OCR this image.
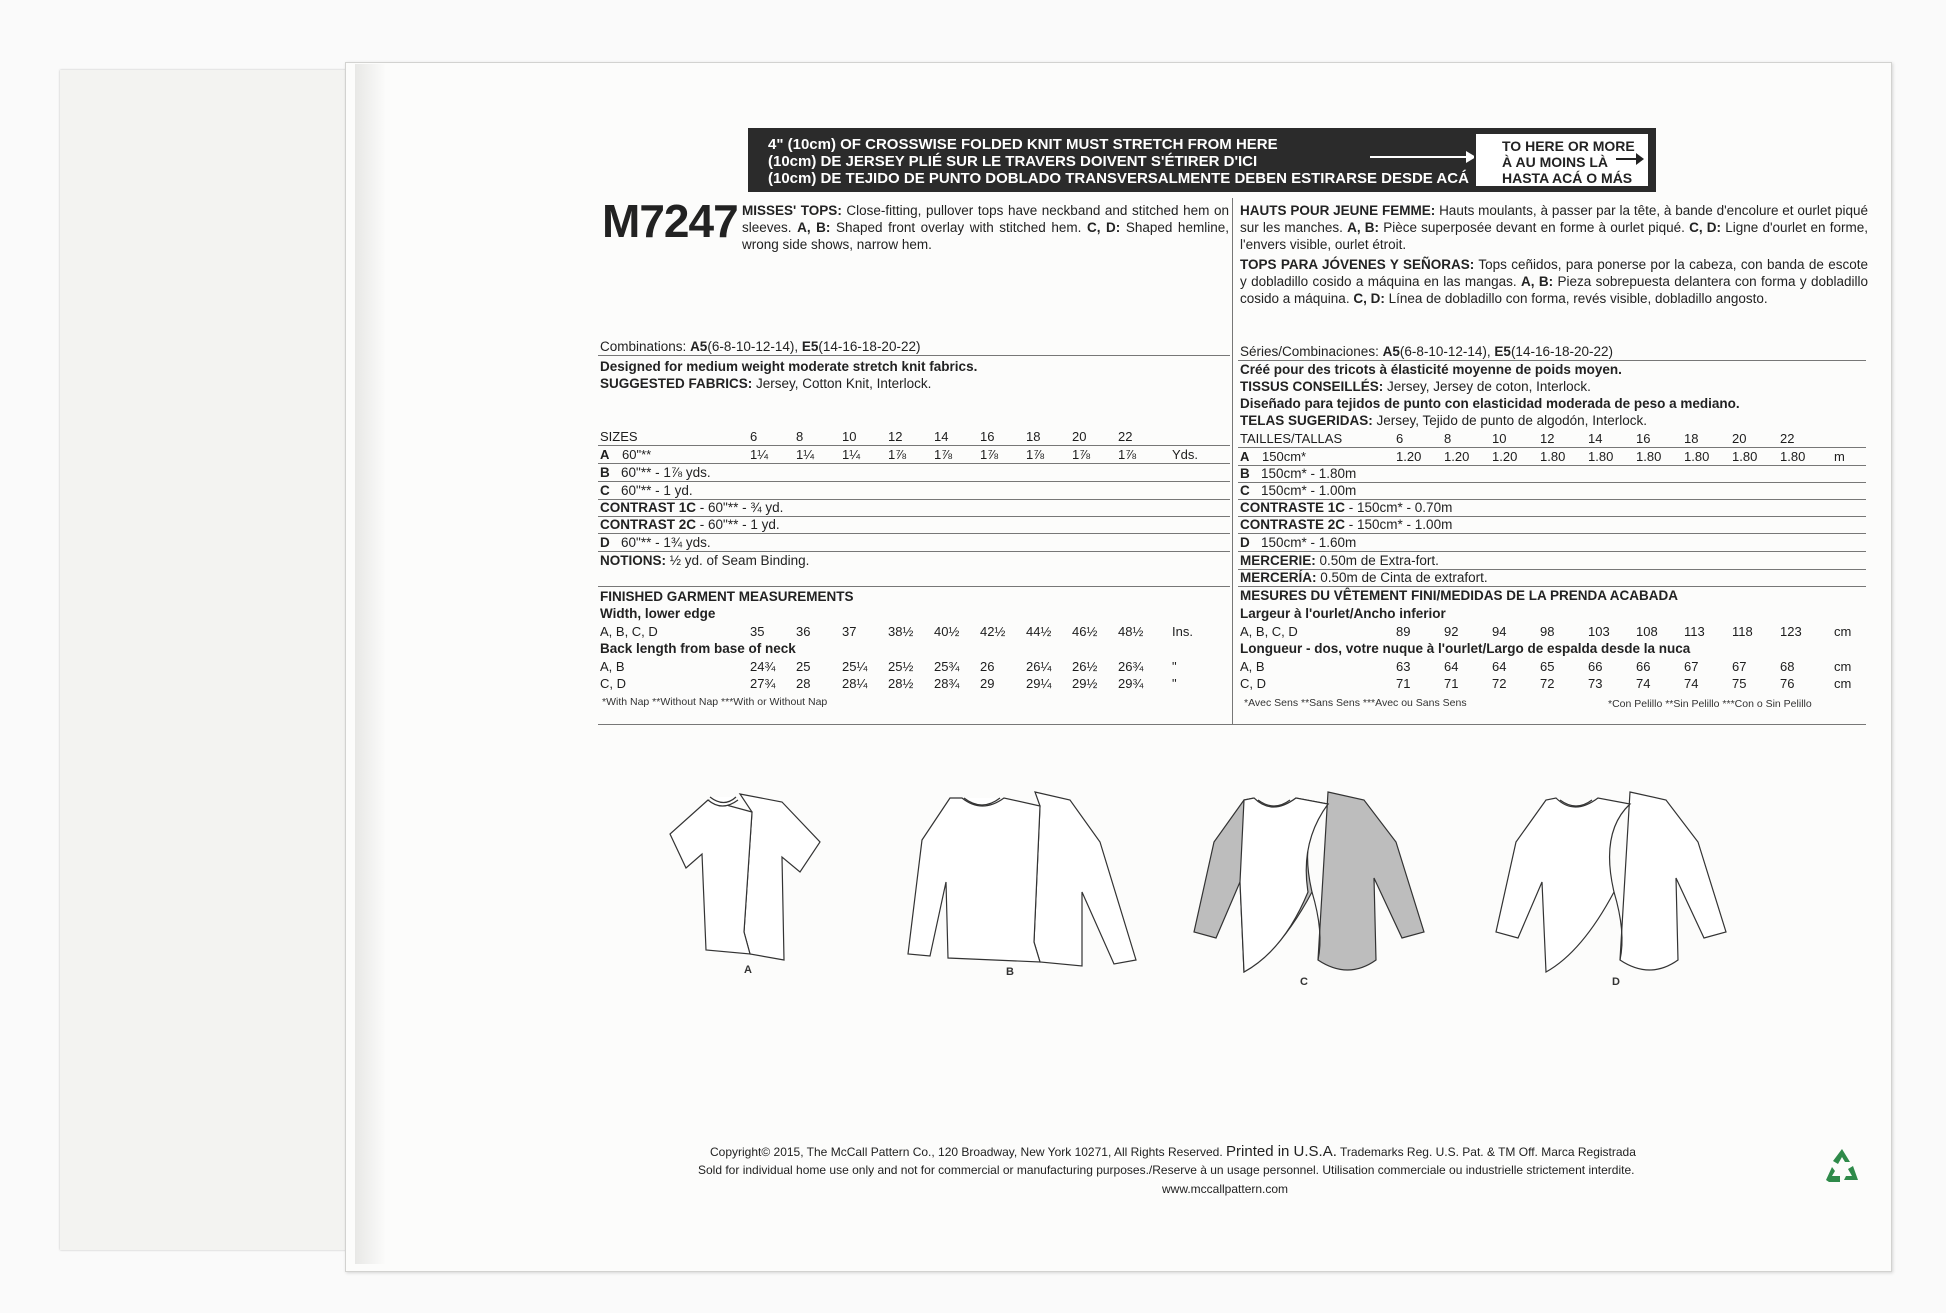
4" (10cm) OF CROSSWISE FOLDED KNIT MUST STRETCH FROM HERE
(10cm) DE JERSEY PLIÉ SUR LE TRAVERS DOIVENT S'ÉTIRER D'ICI
(10cm) DE TEJIDO DE PUNTO DOBLADO TRANSVERSALMENTE DEBEN ESTIRARSE DESDE ACÁ
TO HERE OR MORE
À AU MOINS LÀ
HASTA ACÁ O MÁS
M7247 MISSES' TOPS: Close-fitting, pullover tops have neckband and stitched hem on sleeves. A, B: Shaped front overlay with stitched hem. C, D: Shaped hemline, wrong side shows, narrow hem.
HAUTS POUR JEUNE FEMME: Hauts moulants, à passer par la tête, à bande d'encolure et ourlet piqué sur les manches. A, B: Pièce superposée devant en forme à ourlet piqué. C, D: Ligne d'ourlet en forme, l'envers visible, ourlet étroit.
TOPS PARA JÓVENES Y SEÑORAS: Tops ceñidos, para ponerse por la cabeza, con banda de escote y dobladillo cosido a máquina en las mangas. A, B: Pieza sobrepuesta delantera con forma y dobladillo cosido a máquina. C, D: Línea de dobladillo con forma, revés visible, dobladillo angosto.
Combinations: A5(6-8-10-12-14), E5(14-16-18-20-22)
Designed for medium weight moderate stretch knit fabrics.
SUGGESTED FABRICS: Jersey, Cotton Knit, Interlock.
Séries/Combinaciones: A5(6-8-10-12-14), E5(14-16-18-20-22)
Créé pour des tricots à élasticité moyenne de poids moyen.
TISSUS CONSEILLÉS: Jersey, Jersey de coton, Interlock.
Diseñado para tejidos de punto con elasticidad moderada de peso a mediano.
TELAS SUGERIDAS: Jersey, Tejido de punto de algodón, Interlock.
SIZES	6	8	10 12 14 16 18 20 22
A 60"**	1¼ 1¼ 1¼ 1⅞ 1⅞ 1⅞ 1⅞ 1⅞ 1⅞	Yds.
B 60"** - 1⅞ yds.
C 60"** - 1 yd.
CONTRAST 1C - 60"** - ¾ yd.
CONTRAST 2C - 60"** - 1 yd.
D 60"** - 1¾ yds.
NOTIONS: ½ yd. of Seam Binding.
FINISHED GARMENT MEASUREMENTS
Width, lower edge
A, B, C, D	35 36 37 38½ 40½ 42½ 44½ 46½ 48½ Ins.
Back length from base of neck
A, B	24¾ 25 25¼ 25½ 25¾ 26 26¼ 26½ 26¾ "
C, D	27¾ 28 28¼ 28½ 28¾ 29 29¼ 29½ 29¾ "
*With Nap **Without Nap ***With or Without Nap
TAILLES/TALLAS	6	8	10	12	14	16	18	20	22
A 150cm*	1.20 1.20 1.20 1.80 1.80 1.80 1.80 1.80 1.80 m
B 150cm* - 1.80m
C 150cm* - 1.00m
CONTRASTE 1C - 150cm* - 0.70m
CONTRASTE 2C - 150cm* - 1.00m
D 150cm* - 1.60m
MERCERIE: 0.50m de Extra-fort.
MERCERÍA: 0.50m de Cinta de extrafort.
MESURES DU VÊTEMENT FINI/MEDIDAS DE LA PRENDA ACABADA
Largeur à l'ourlet/Ancho inferior
A, B, C, D	89	92	94	98	103 108 113 118 123 cm
Longueur - dos, votre nuque à l'ourlet/Largo de espalda desde la nuca
A, B	63	64	64	65	66	66	67	67	68	cm
C, D	71	71	72	72	73	74	74	75	76	cm
*Avec Sens **Sans Sens ***Avec ou Sans Sens	*Con Pelillo **Sin Pelillo ***Con o Sin Pelillo
A	B
C	D
Copyright© 2015, The McCall Pattern Co., 120 Broadway, New York 10271, All Rights Reserved. Printed in U.S.A. Trademarks Reg. U.S. Pat. & TM Off. Marca Registrada
Sold for individual home use only and not for commercial or manufacturing purposes./Reserve à un usage personnel. Utilisation commerciale ou industrielle strictement interdite.
www.mccallpattern.com
